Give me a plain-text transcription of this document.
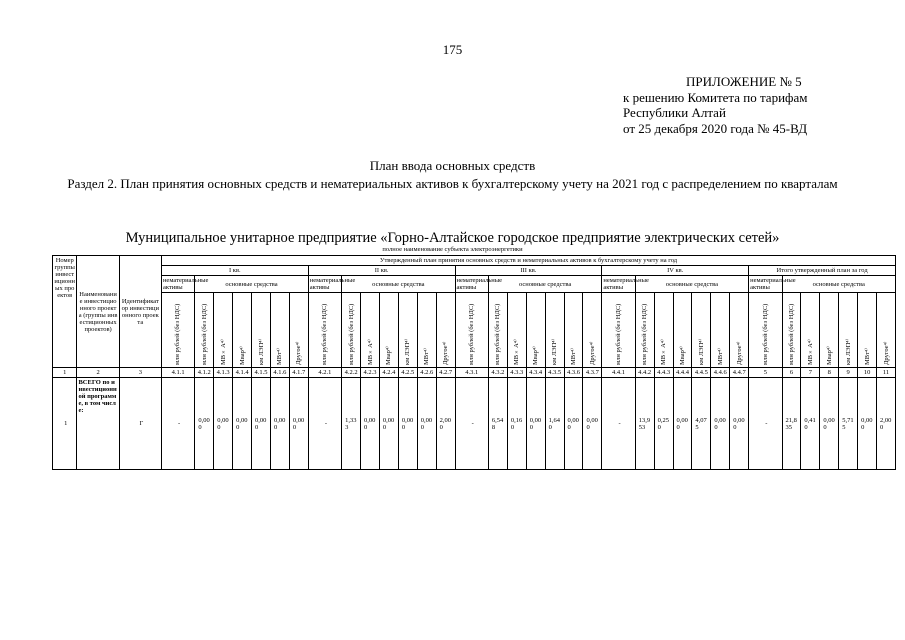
175
ПРИЛОЖЕНИЕ № 5
к решению Комитета по тарифам
Республики Алтай
от 25 декабря 2020 года № 45-ВД
План ввода основных средств
Раздел 2. План принятия основных средств и нематериальных активов к бухгалтерскому учету на 2021 год с распределением по кварталам
Муниципальное унитарное предприятие «Горно-Алтайское городское предприятие электрических сетей»
полное наименование субъекта электроэнергетики
Номер группы инвестиционных проектов	Наименование инвестиционного проекта (группы инвестиционных проектов)	Идентификатор инвестиционного проекта	Утвержденный план принятия основных средств и нематериальных активов к бухгалтерскому учету на год																																		
			I кв.							II кв.							III кв.							IV кв.							Итого утвержденный план за год						
			нематериальные активы	основные средства						нематериальные активы	основные средства						нематериальные активы	основные средства						нематериальные активы	основные средства						нематериальные активы	основные средства					
			млн рублей (без НДС)	млн рублей (без НДС)	МВ×А⁴⁾	Мвар⁴⁾	км ЛЭП⁴⁾	МВт⁴⁾	Другое⁴⁾	млн рублей (без НДС)	млн рублей (без НДС)	МВ×А⁴⁾	Мвар⁴⁾	км ЛЭП⁴⁾	МВт⁴⁾	Другое⁴⁾	млн рублей (без НДС)	млн рублей (без НДС)	МВ×А⁴⁾	Мвар⁴⁾	км ЛЭП⁴⁾	МВт⁴⁾	Другое⁴⁾	млн рублей (без НДС)	млн рублей (без НДС)	МВ×А⁴⁾	Мвар⁴⁾	км ЛЭП⁴⁾	МВт⁴⁾	Другое⁴⁾	млн рублей (без НДС)	млн рублей (без НДС)	МВ×А⁴⁾	Мвар⁴⁾	км ЛЭП⁴⁾	МВт⁴⁾	Другое⁴⁾
1	2	3	4.1.1	4.1.2	4.1.3	4.1.4	4.1.5	4.1.6	4.1.7	4.2.1	4.2.2	4.2.3	4.2.4	4.2.5	4.2.6	4.2.7	4.3.1	4.3.2	4.3.3	4.3.4	4.3.5	4.3.6	4.3.7	4.4.1	4.4.2	4.4.3	4.4.4	4.4.5	4.4.6	4.4.7	5	6	7	8	9	10	11
1	ВСЕГО по инвестиционной программе, в том числе:	Г	-	0,000	0,000	0,000	0,000	0,000	0,000	-	1,333	0,000	0,000	0,000	0,000	2,000	-	6,548	0,160	0,000	1,640	0,000	0,000	-	13,953	0,250	0,000	4,075	0,000	0,000	-	21,835	0,410	0,000	5,715	0,000	2,000
